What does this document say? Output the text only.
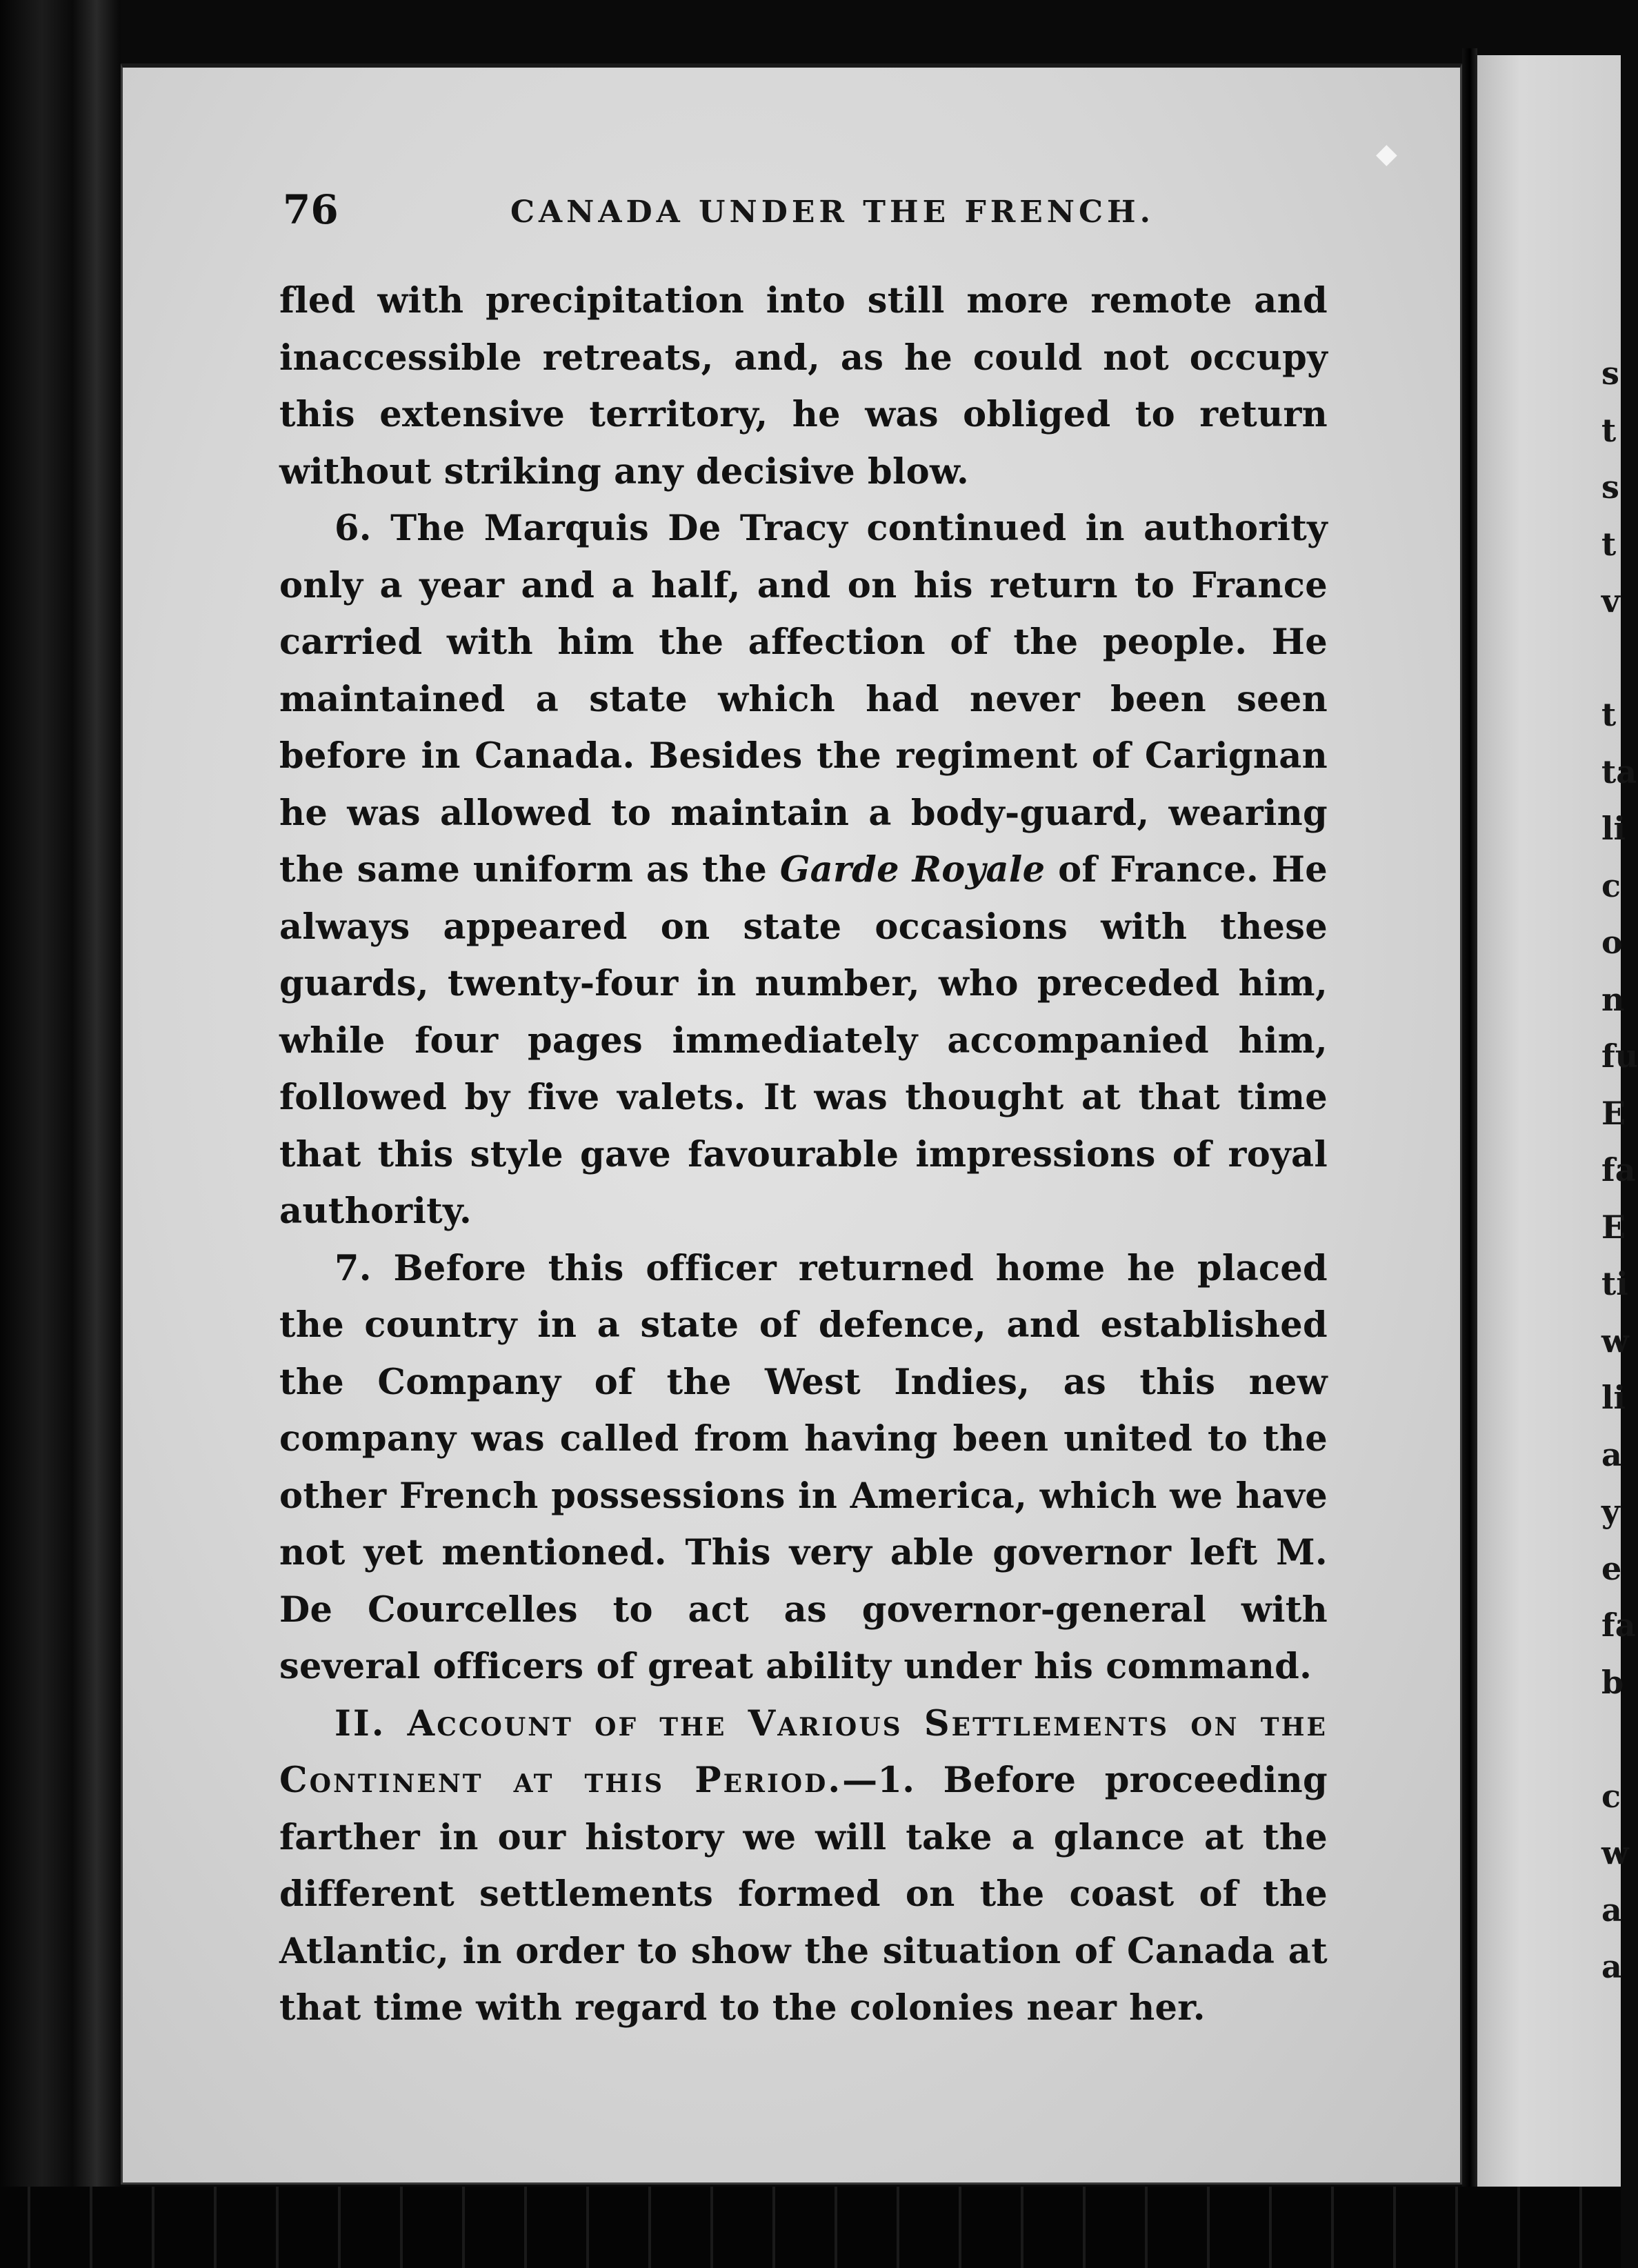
76	CANADA UNDER THE FRENCH.

fled with precipitation into still more remote and inaccessible retreats, and, as he could not occupy this extensive territory, he was obliged to return without striking any decisive blow.

6. The Marquis De Tracy continued in authority only a year and a half, and on his return to France carried with him the affection of the people. He maintained a state which had never been seen before in Canada. Besides the regiment of Carignan he was allowed to maintain a body-guard, wearing the same uniform as the Garde Royale of France. He always appeared on state occasions with these guards, twenty-four in number, who preceded him, while four pages immediately accompanied him, followed by five valets. It was thought at that time that this style gave favourable impressions of royal authority.

7. Before this officer returned home he placed the country in a state of defence, and established the Company of the West Indies, as this new company was called from having been united to the other French possessions in America, which we have not yet mentioned. This very able governor left M. De Courcelles to act as governor-general with several officers of great ability under his command.

II. Account of the Various Settlements on the Continent at this Period.—1. Before proceeding farther in our history we will take a glance at the different settlements formed on the coast of the Atlantic, in order to show the situation of Canada at that time with regard to the colonies near her.

s
t
s
t
v
t
ta
li
c
o
n
fu
E
fa
E
ti
w
li
a
y
e
fa
b
c
w
a
a
◆
